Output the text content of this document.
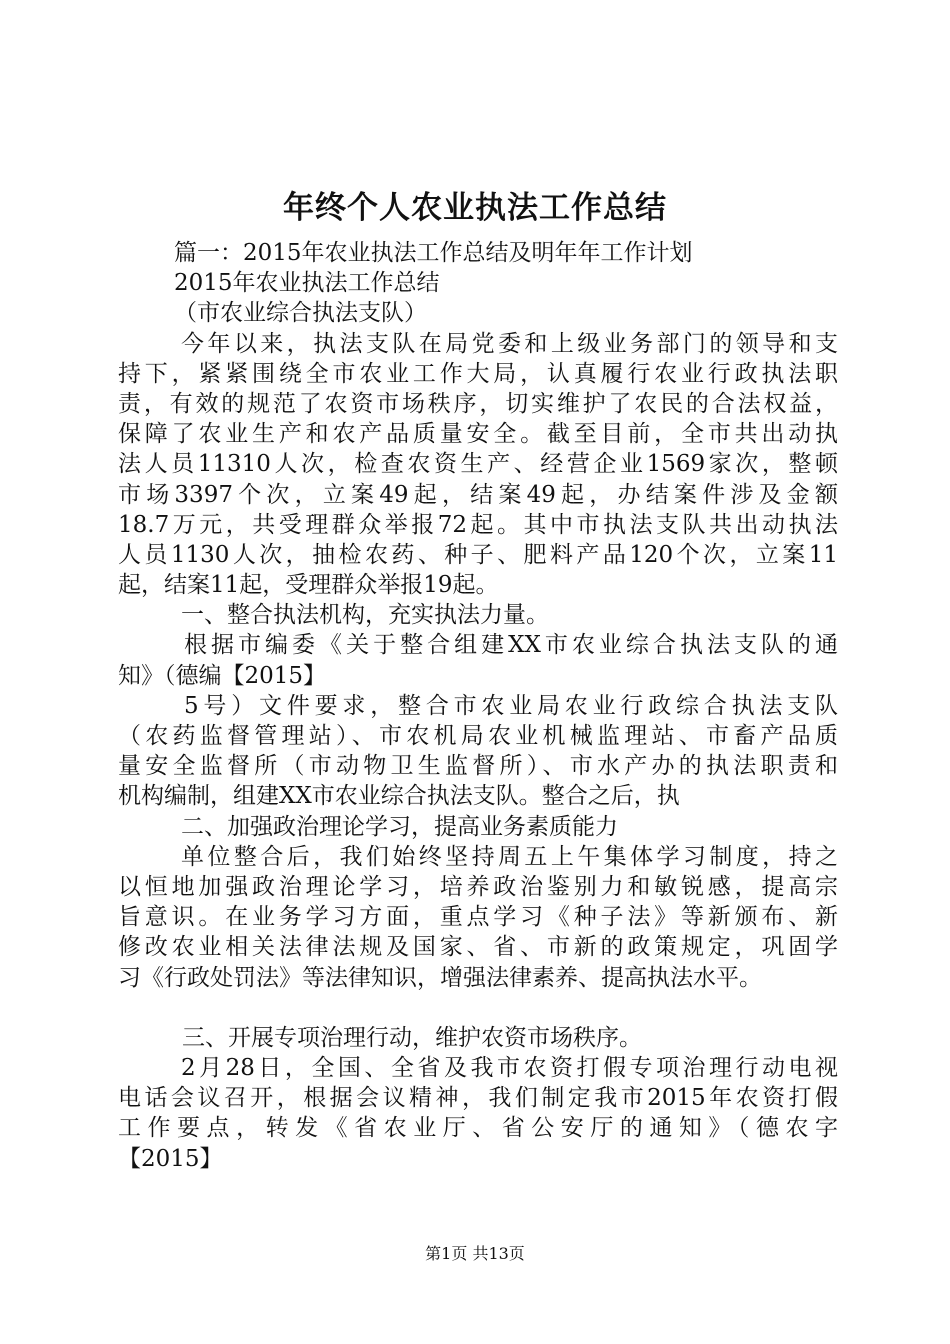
年终个人农业执法工作总结
篇一：2015年农业执法工作总结及明年年工作计划
2015年农业执法工作总结
（市农业综合执法支队）
今年以来，执法支队在局党委和上级业务部门的领导和支
持下，紧紧围绕全市农业工作大局，认真履行农业行政执法职
责，有效的规范了农资市场秩序，切实维护了农民的合法权益，
保障了农业生产和农产品质量安全。截至目前，全市共出动执
法人员11310人次，检查农资生产、经营企业1569家次，整顿
市场3397个次，立案49起，结案49起，办结案件涉及金额
18.7万元，共受理群众举报72起。其中市执法支队共出动执法
人员1130人次，抽检农药、种子、肥料产品120个次，立案11
起，结案11起，受理群众举报19起。
一、整合执法机构，充实执法力量。
根据市编委《关于整合组建XX市农业综合执法支队的通
知》（德编【2015】
5号）文件要求，整合市农业局农业行政综合执法支队
（农药监督管理站）、市农机局农业机械监理站、市畜产品质
量安全监督所（市动物卫生监督所）、市水产办的执法职责和
机构编制，组建XX市农业综合执法支队。整合之后，执
二、加强政治理论学习，提高业务素质能力
单位整合后，我们始终坚持周五上午集体学习制度，持之
以恒地加强政治理论学习，培养政治鉴别力和敏锐感，提高宗
旨意识。在业务学习方面，重点学习《种子法》等新颁布、新
修改农业相关法律法规及国家、省、市新的政策规定，巩固学
习《行政处罚法》等法律知识，增强法律素养、提高执法水平。
三、开展专项治理行动，维护农资市场秩序。
2月28日，全国、全省及我市农资打假专项治理行动电视
电话会议召开，根据会议精神，我们制定我市2015年农资打假
工作要点，转发《省农业厅、省公安厅的通知》（德农字
【2015】
第1页 共13页
